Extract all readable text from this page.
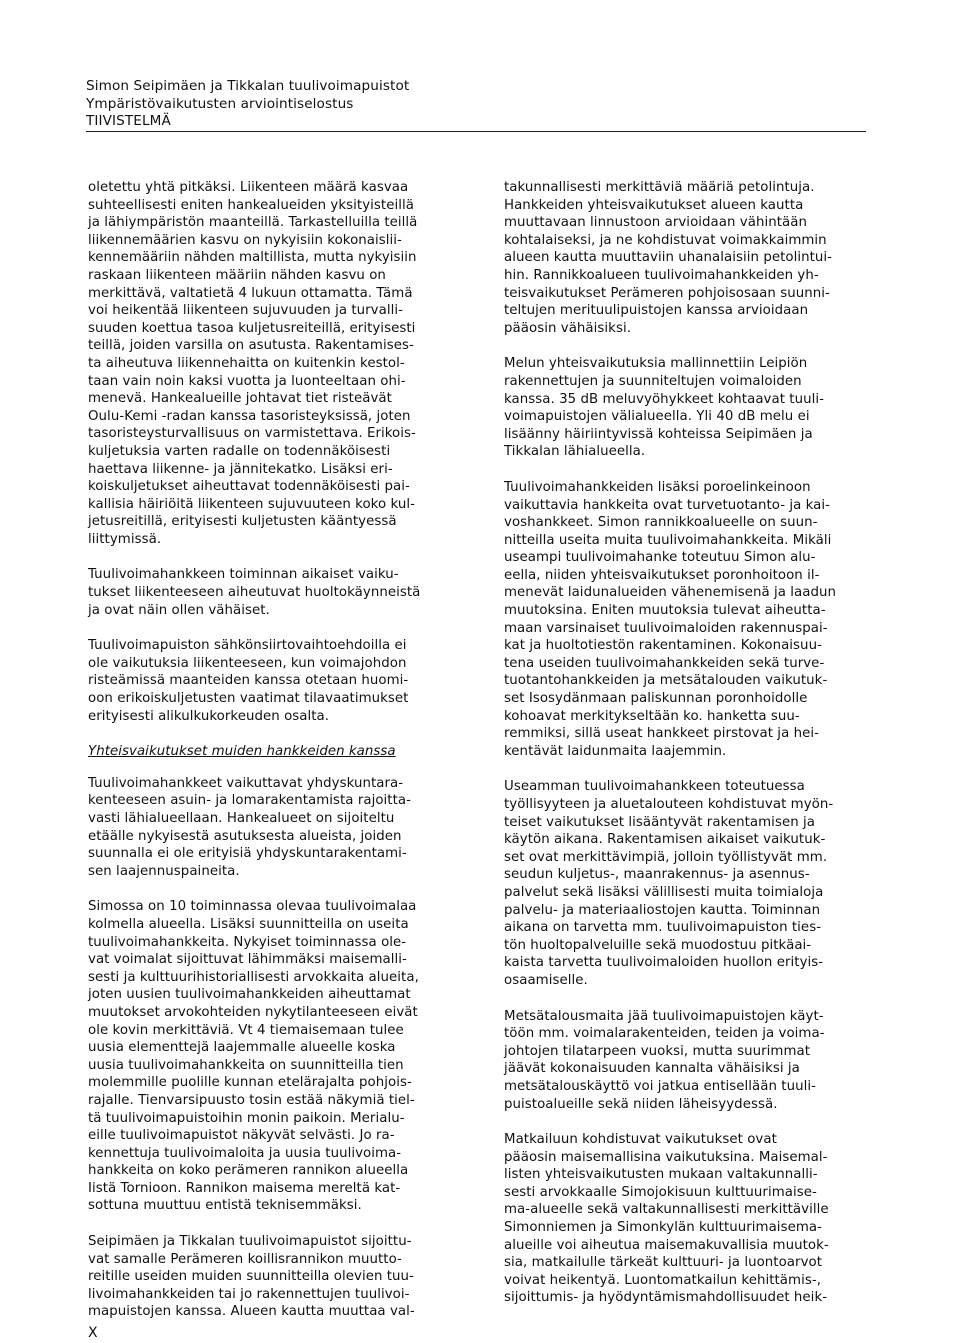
Simon Seipimäen ja Tikkalan tuulivoimapuistot
Ympäristövaikutusten arviointiselostus
TIIVISTELMÄ

oletettu yhtä pitkäksi. Liikenteen määrä kasvaa
suhteellisesti eniten hankealueiden yksityisteillä
ja lähiympäristön maanteillä. Tarkastelluilla teillä
liikennemäärien kasvu on nykyisiin kokonaislii-
kennemääriin nähden maltillista, mutta nykyisiin
raskaan liikenteen määriin nähden kasvu on
merkittävä, valtatietä 4 lukuun ottamatta. Tämä
voi heikentää liikenteen sujuvuuden ja turvalli-
suuden koettua tasoa kuljetusreiteillä, erityisesti
teillä, joiden varsilla on asutusta. Rakentamises-
ta aiheutuva liikennehaitta on kuitenkin kestol-
taan vain noin kaksi vuotta ja luonteeltaan ohi-
menevä. Hankealueille johtavat tiet risteävät
Oulu-Kemi -radan kanssa tasoristeyksissä, joten
tasoristeysturvallisuus on varmistettava. Erikois-
kuljetuksia varten radalle on todennäköisesti
haettava liikenne- ja jännitekatko. Lisäksi eri-
koiskuljetukset aiheuttavat todennäköisesti pai-
kallisia häiriöitä liikenteen sujuvuuteen koko kul-
jetusreitillä, erityisesti kuljetusten kääntyessä
liittymissä.

Tuulivoimahankkeen toiminnan aikaiset vaiku-
tukset liikenteeseen aiheutuvat huoltokäynneistä
ja ovat näin ollen vähäiset.

Tuulivoimapuiston sähkönsiirtovaihtoehdoilla ei
ole vaikutuksia liikenteeseen, kun voimajohdon
risteämissä maanteiden kanssa otetaan huomi-
oon erikoiskuljetusten vaatimat tilavaatimukset
erityisesti alikulkukorkeuden osalta.

Yhteisvaikutukset muiden hankkeiden kanssa

Tuulivoimahankkeet vaikuttavat yhdyskuntara-
kenteeseen asuin- ja lomarakentamista rajoitta-
vasti lähialueellaan. Hankealueet on sijoiteltu
etäälle nykyisestä asutuksesta alueista, joiden
suunnalla ei ole erityisiä yhdyskuntarakentami-
sen laajennuspaineita.

Simossa on 10 toiminnassa olevaa tuulivoimalaa
kolmella alueella. Lisäksi suunnitteilla on useita
tuulivoimahankkeita. Nykyiset toiminnassa ole-
vat voimalat sijoittuvat lähimmäksi maisemalli-
sesti ja kulttuurihistoriallisesti arvokkaita alueita,
joten uusien tuulivoimahankkeiden aiheuttamat
muutokset arvokohteiden nykytilanteeseen eivät
ole kovin merkittäviä. Vt 4 tiemaisemaan tulee
uusia elementtejä laajemmalle alueelle koska
uusia tuulivoimahankkeita on suunnitteilla tien
molemmille puolille kunnan etelärajalta pohjois-
rajalle. Tienvarsipuusto tosin estää näkymiä tiel-
tä tuulivoimapuistoihin monin paikoin. Merialu-
eille tuulivoimapuistot näkyvät selvästi. Jo ra-
kennettuja tuulivoimaloita ja uusia tuulivoima-
hankkeita on koko perämeren rannikon alueella
Iistä Tornioon. Rannikon maisema mereltä kat-
sottuna muuttuu entistä teknisemmäksi.

Seipimäen ja Tikkalan tuulivoimapuistot sijoittu-
vat samalle Perämeren koillisrannikon muutto-
reitille useiden muiden suunnitteilla olevien tuu-
livoimahankkeiden tai jo rakennettujen tuulivoi-
mapuistojen kanssa. Alueen kautta muuttaa val-

takunnallisesti merkittäviä määriä petolintuja.
Hankkeiden yhteisvaikutukset alueen kautta
muuttavaan linnustoon arvioidaan vähintään
kohtalaiseksi, ja ne kohdistuvat voimakkaimmin
alueen kautta muuttaviin uhanalaisiin petolintui-
hin. Rannikkoalueen tuulivoimahankkeiden yh-
teisvaikutukset Perämeren pohjoisosaan suunni-
teltujen merituulipuistojen kanssa arvioidaan
pääosin vähäisiksi.

Melun yhteisvaikutuksia mallinnettiin Leipiön
rakennettujen ja suunniteltujen voimaloiden
kanssa. 35 dB meluvyöhykkeet kohtaavat tuuli-
voimapuistojen välialueella. Yli 40 dB melu ei
lisäänny häiriintyvissä kohteissa Seipimäen ja
Tikkalan lähialueella.

Tuulivoimahankkeiden lisäksi poroelinkeinoon
vaikuttavia hankkeita ovat turvetuotanto- ja kai-
voshankkeet. Simon rannikkoalueelle on suun-
nitteilla useita muita tuulivoimahankkeita. Mikäli
useampi tuulivoimahanke toteutuu Simon alu-
eella, niiden yhteisvaikutukset poronhoitoon il-
menevät laidunalueiden vähenemisenä ja laadun
muutoksina. Eniten muutoksia tulevat aiheutta-
maan varsinaiset tuulivoimaloiden rakennuspai-
kat ja huoltotiestön rakentaminen. Kokonaisuu-
tena useiden tuulivoimahankkeiden sekä turve-
tuotantohankkeiden ja metsätalouden vaikutuk-
set Isosydänmaan paliskunnan poronhoidolle
kohoavat merkitykseltään ko. hanketta suu-
remmiksi, sillä useat hankkeet pirstovat ja hei-
kentävät laidunmaita laajemmin.

Useamman tuulivoimahankkeen toteutuessa
työllisyyteen ja aluetalouteen kohdistuvat myön-
teiset vaikutukset lisääntyvät rakentamisen ja
käytön aikana. Rakentamisen aikaiset vaikutuk-
set ovat merkittävimpiä, jolloin työllistyvät mm.
seudun kuljetus-, maanrakennus- ja asennus-
palvelut sekä lisäksi välillisesti muita toimialoja
palvelu- ja materiaaliostojen kautta. Toiminnan
aikana on tarvetta mm. tuulivoimapuiston ties-
tön huoltopalveluille sekä muodostuu pitkäai-
kaista tarvetta tuulivoimaloiden huollon erityis-
osaamiselle.

Metsätalousmaita jää tuulivoimapuistojen käyt-
töön mm. voimalarakenteiden, teiden ja voima-
johtojen tilatarpeen vuoksi, mutta suurimmat
jäävät kokonaisuuden kannalta vähäisiksi ja
metsätalouskäyttö voi jatkua entisellään tuuli-
puistoalueille sekä niiden läheisyydessä.

Matkailuun kohdistuvat vaikutukset ovat
pääosin maisemallisina vaikutuksina. Maisemal-
listen yhteisvaikutusten mukaan valtakunnalli-
sesti arvokkaalle Simojokisuun kulttuurimaise-
ma-alueelle sekä valtakunnallisesti merkittäville
Simonniemen ja Simonkylän kulttuurimaisema-
alueille voi aiheutua maisemakuvallisia muutok-
sia, matkailulle tärkeät kulttuuri- ja luontoarvot
voivat heikentyä. Luontomatkailun kehittämis-,
sijoittumis- ja hyödyntämismahdollisuudet heik-

X
